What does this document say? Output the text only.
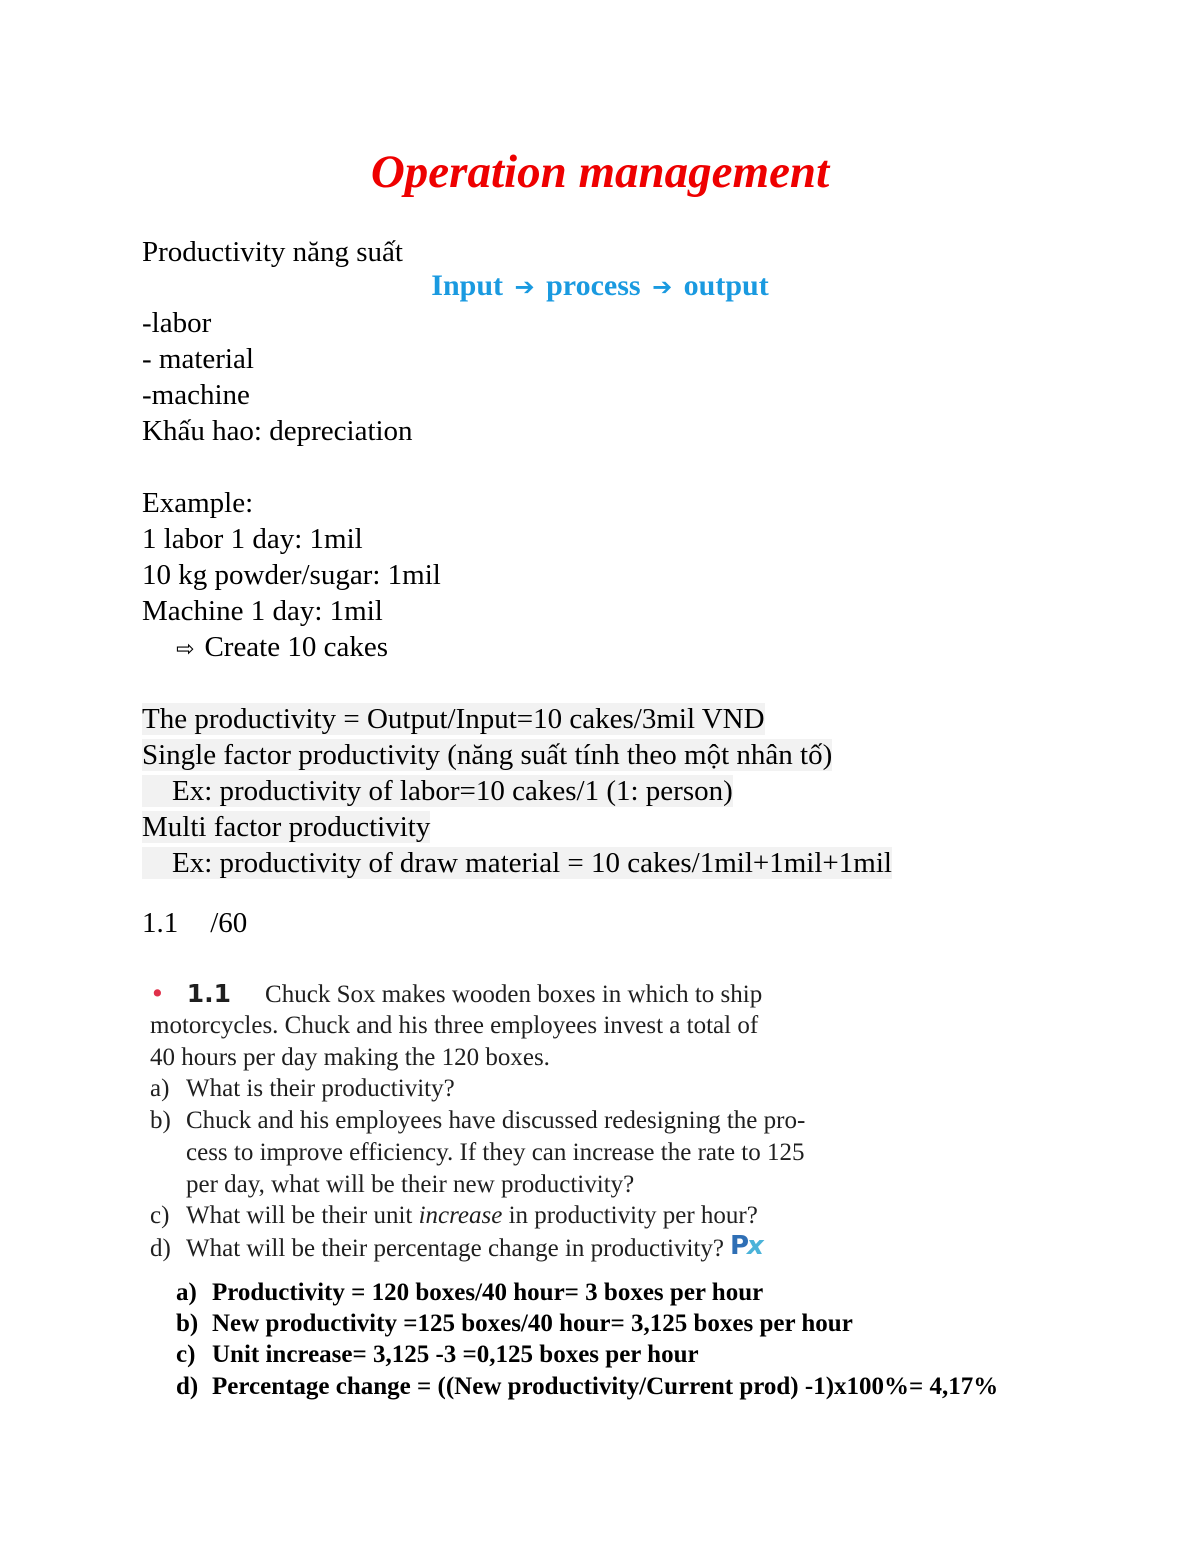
Operation management
Productivity năng suất
Input ➔ process ➔ output
-labor
- material
-machine
Khấu hao: depreciation
Example:
1 labor 1 day: 1mil
10 kg powder/sugar: 1mil
Machine 1 day: 1mil
⇨ Create 10 cakes
The productivity = Output/Input=10 cakes/3mil VND
Single factor productivity (năng suất tính theo một nhân tố)
Ex: productivity of labor=10 cakes/1 (1: person)
Multi factor productivity
Ex: productivity of draw material = 10 cakes/1mil+1mil+1mil
1.1 /60
• 1.1 Chuck Sox makes wooden boxes in which to ship
motorcycles. Chuck and his three employees invest a total of
40 hours per day making the 120 boxes.
a) What is their productivity?
b) Chuck and his employees have discussed redesigning the pro-
cess to improve efficiency. If they can increase the rate to 125
per day, what will be their new productivity?
c) What will be their unit increase in productivity per hour?
d) What will be their percentage change in productivity? Px
a) Productivity = 120 boxes/40 hour= 3 boxes per hour
b) New productivity =125 boxes/40 hour= 3,125 boxes per hour
c) Unit increase= 3,125 -3 =0,125 boxes per hour
d) Percentage change = ((New productivity/Current prod) -1)x100%= 4,17%
